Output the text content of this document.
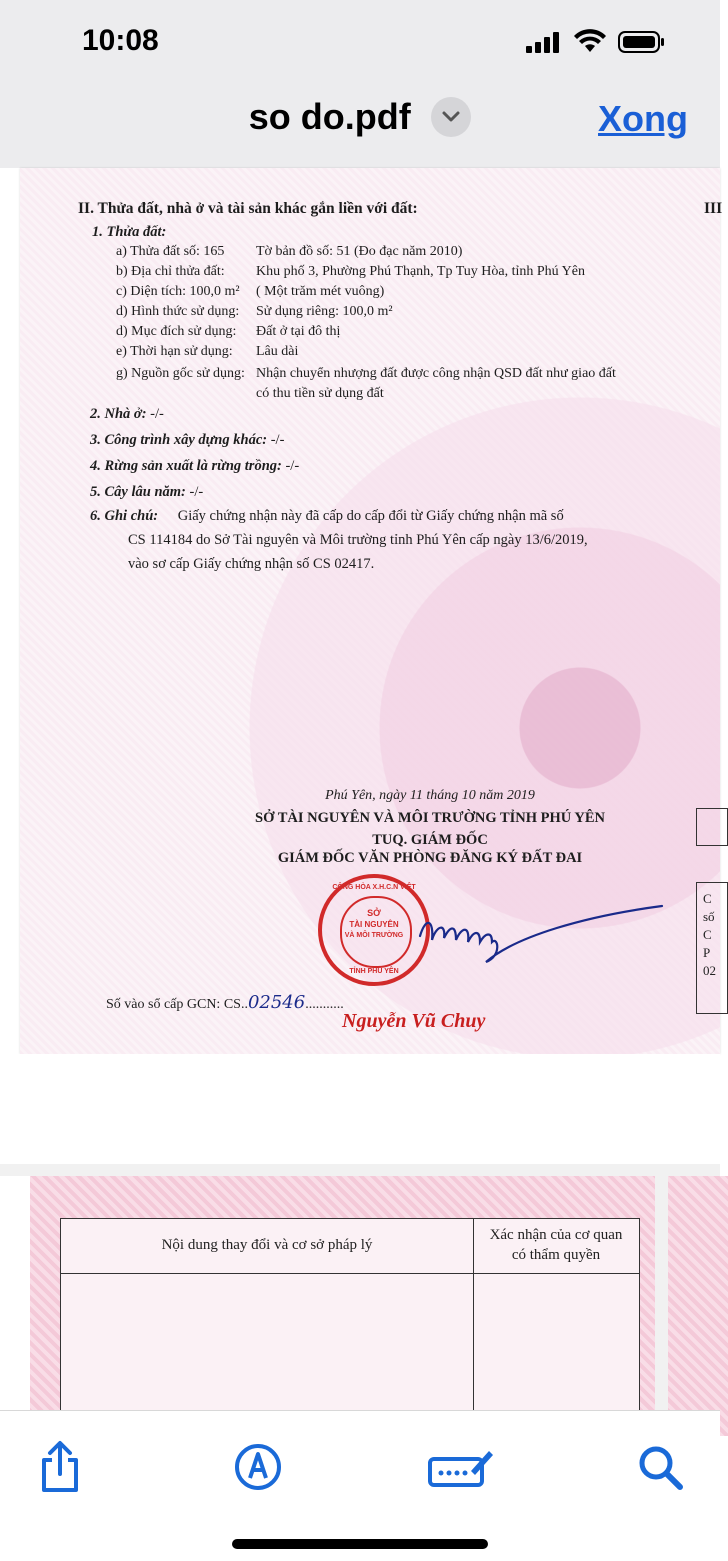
10:08
so do.pdf	Xong
II. Thửa đất, nhà ở và tài sản khác gắn liền với đất:	III
1. Thửa đất:
a) Thửa đất số: 165 Tờ bản đồ số: 51 (Đo đạc năm 2010)
b) Địa chỉ thửa đất: Khu phố 3, Phường Phú Thạnh, Tp Tuy Hòa, tỉnh Phú Yên
c) Diện tích: 100,0 m² ( Một trăm mét vuông)
d) Hình thức sử dụng: Sử dụng riêng: 100,0 m²
d) Mục đích sử dụng: Đất ở tại đô thị
e) Thời hạn sử dụng: Lâu dài
g) Nguồn gốc sử dụng: Nhận chuyển nhượng đất được công nhận QSD đất như giao đất
có thu tiền sử dụng đất
2. Nhà ở: -/-
3. Công trình xây dựng khác: -/-
4. Rừng sản xuất là rừng trồng: -/-
5. Cây lâu năm: -/-
6. Ghi chú: Giấy chứng nhận này đã cấp do cấp đổi từ Giấy chứng nhận mã số
CS 114184 do Sở Tài nguyên và Môi trường tỉnh Phú Yên cấp ngày 13/6/2019,
vào sơ cấp Giấy chứng nhận số CS 02417.
Phú Yên, ngày 11 tháng 10 năm 2019
SỞ TÀI NGUYÊN VÀ MÔI TRƯỜNG TỈNH PHÚ YÊN
TUQ. GIÁM ĐỐC
GIÁM ĐỐC VĂN PHÒNG ĐĂNG KÝ ĐẤT ĐAI
CỘNG HÒA X.H.C.N VIỆT
SỞ
TÀI NGUYÊN
VÀ MÔI TRƯỜNG
TỈNH PHÚ YÊN
Số vào sổ cấp GCN: CS..02546...........
Nguyễn Vũ Chuy
C
số
C
P
02
Nội dung thay đổi và cơ sở pháp lý
Xác nhận của cơ quan
có thẩm quyền
